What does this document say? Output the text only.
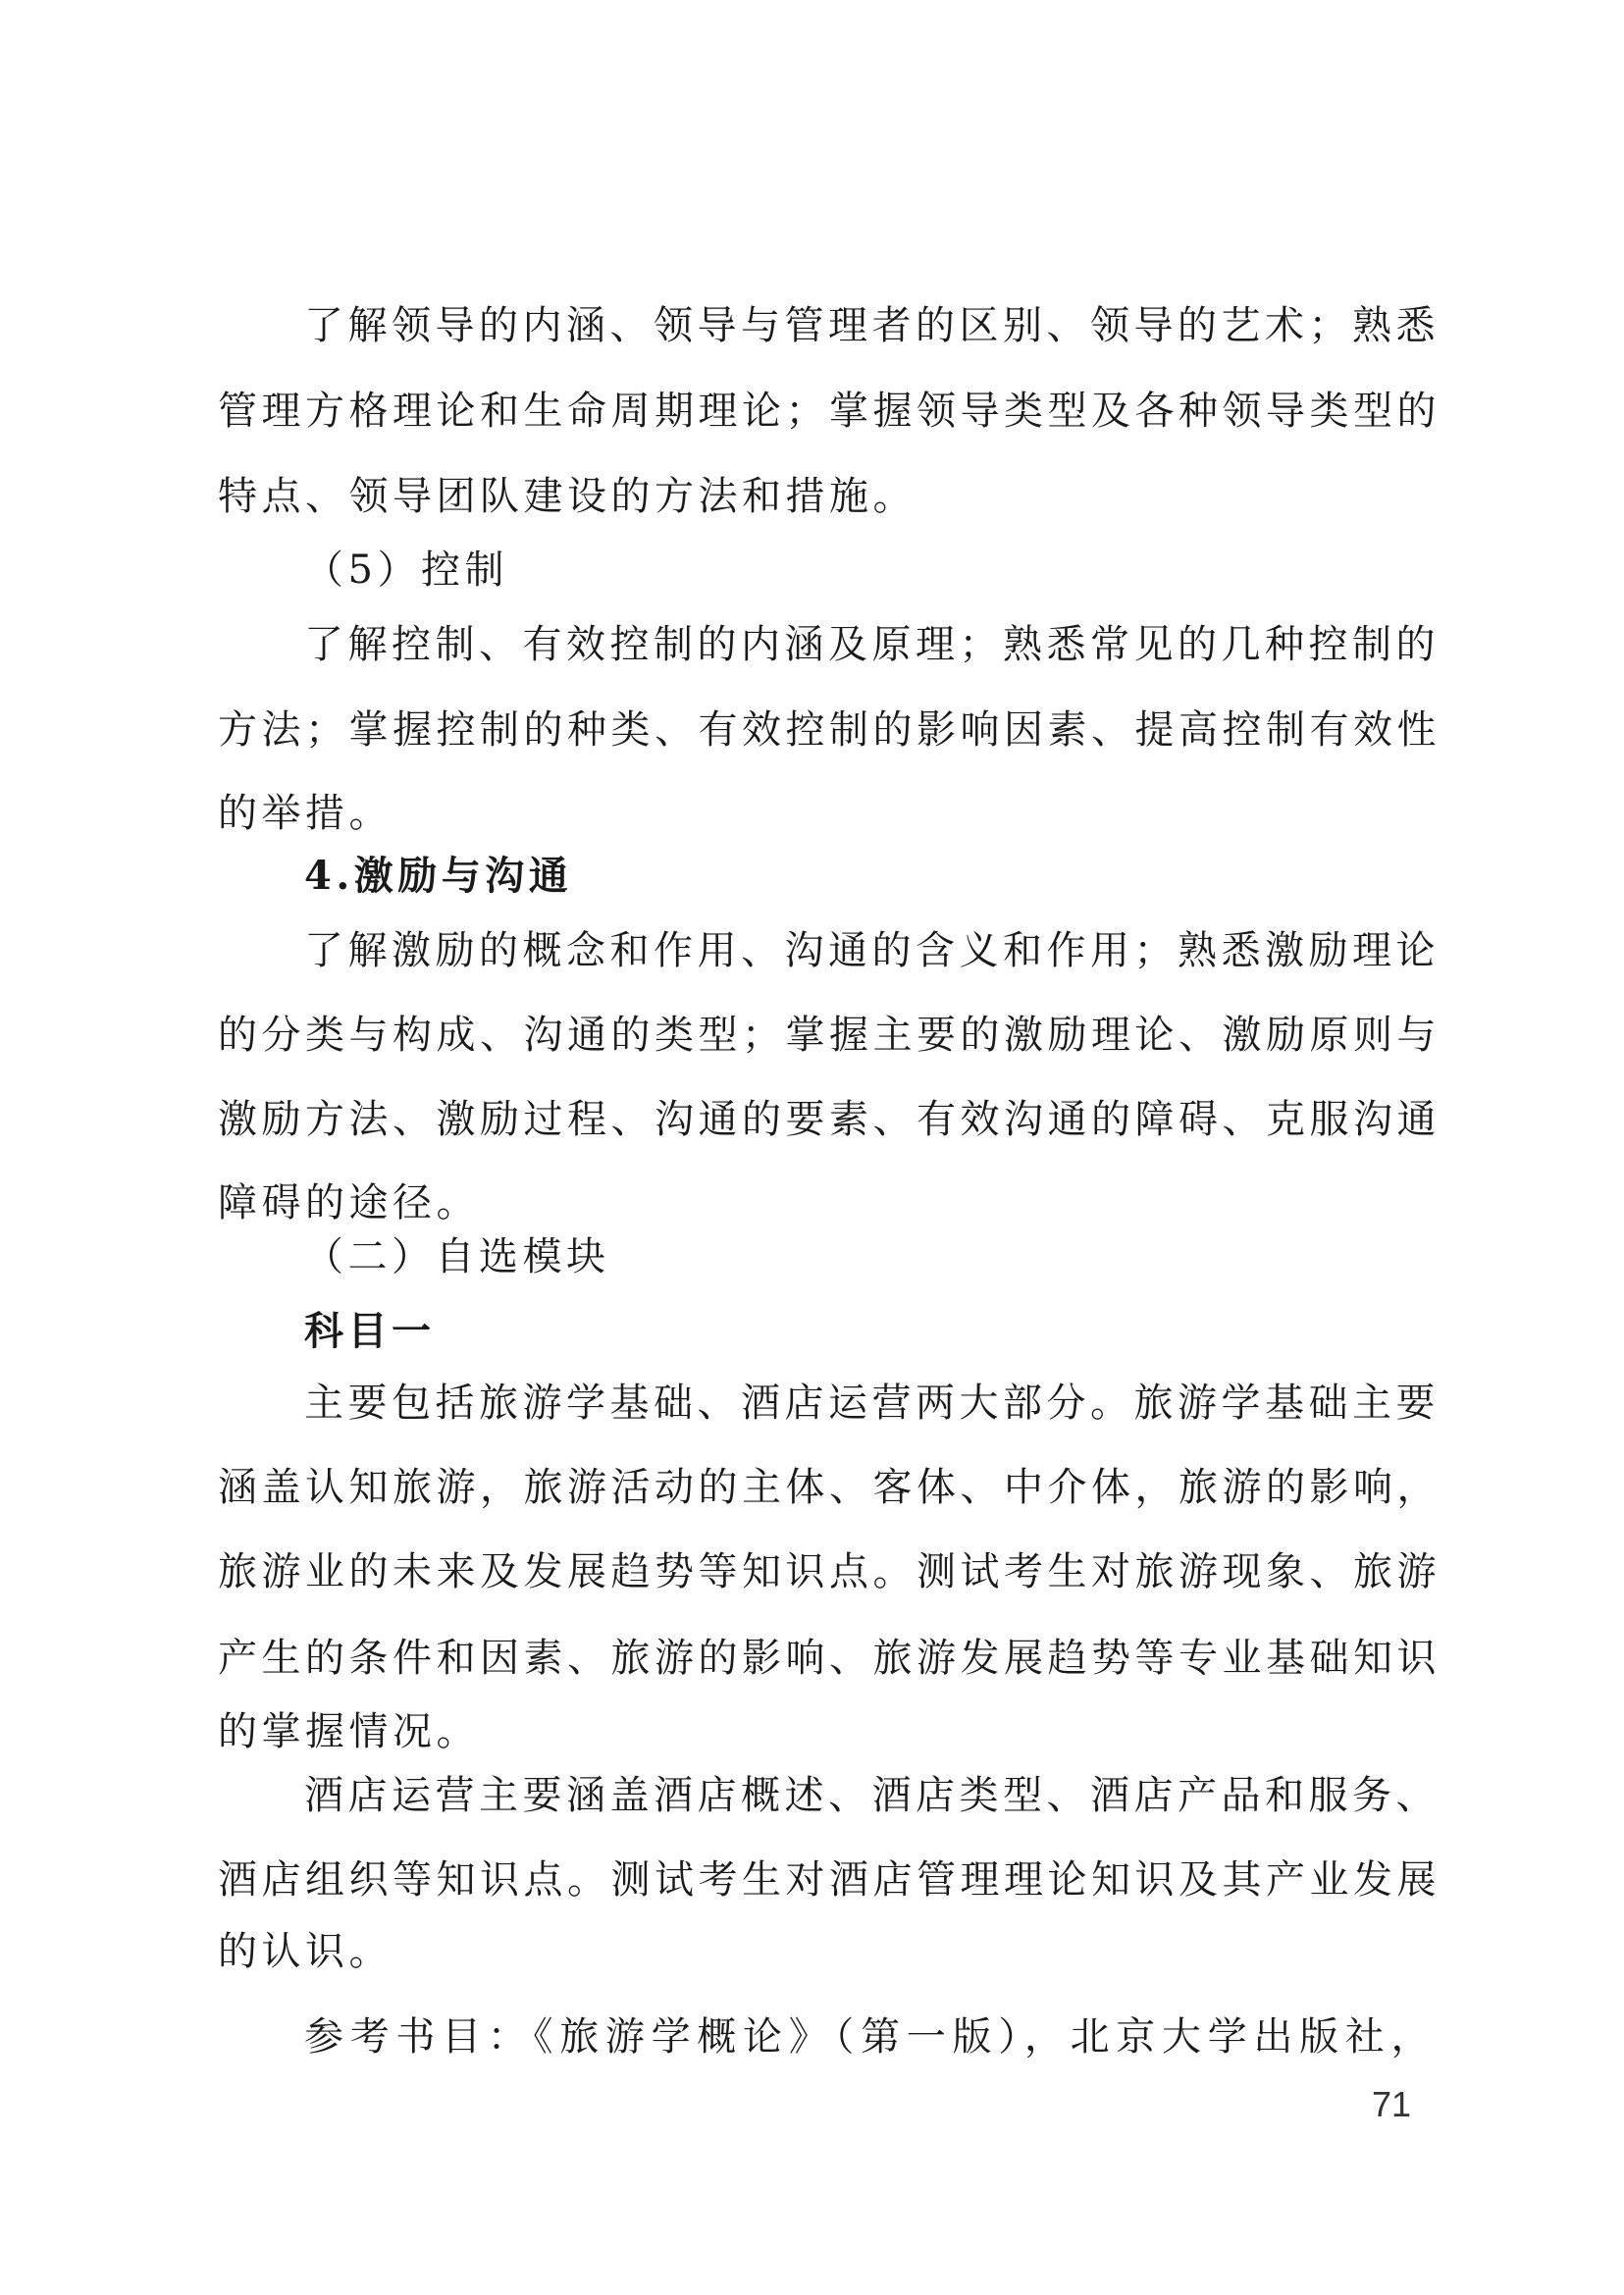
了解领导的内涵、领导与管理者的区别、领导的艺术；熟悉
管理方格理论和生命周期理论；掌握领导类型及各种领导类型的
特点、领导团队建设的方法和措施。
（5）控制
了解控制、有效控制的内涵及原理；熟悉常见的几种控制的
方法；掌握控制的种类、有效控制的影响因素、提高控制有效性
的举措。
4.激励与沟通
了解激励的概念和作用、沟通的含义和作用；熟悉激励理论
的分类与构成、沟通的类型；掌握主要的激励理论、激励原则与
激励方法、激励过程、沟通的要素、有效沟通的障碍、克服沟通
障碍的途径。
（二）自选模块
科目一
主要包括旅游学基础、酒店运营两大部分。旅游学基础主要
涵盖认知旅游，旅游活动的主体、客体、中介体，旅游的影响，
旅游业的未来及发展趋势等知识点。测试考生对旅游现象、旅游
产生的条件和因素、旅游的影响、旅游发展趋势等专业基础知识
的掌握情况。
酒店运营主要涵盖酒店概述、酒店类型、酒店产品和服务、
酒店组织等知识点。测试考生对酒店管理理论知识及其产业发展
的认识。
参考书目：《旅游学概论》（第一版），北京大学出版社，
71
